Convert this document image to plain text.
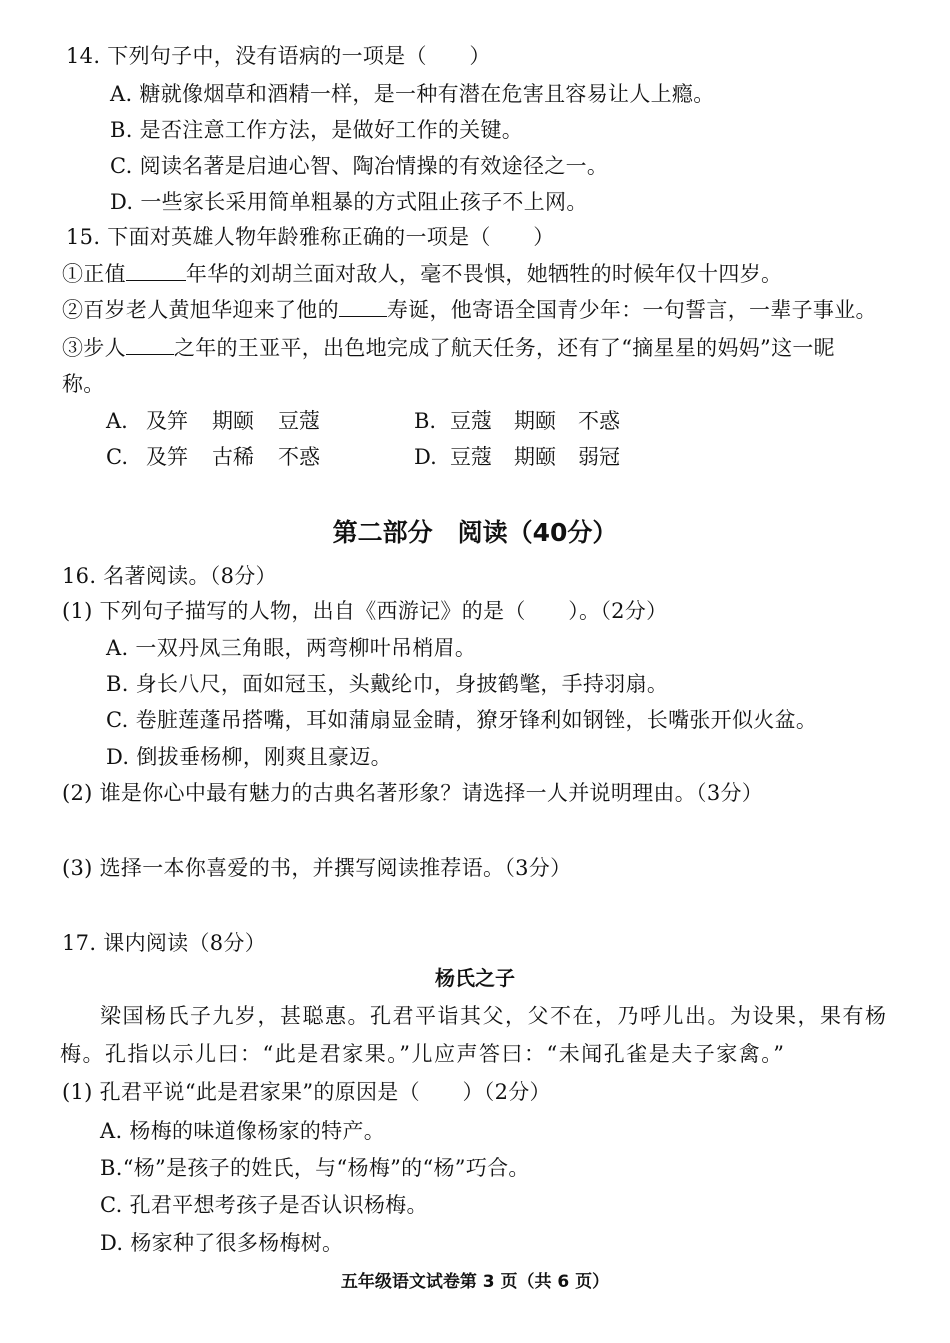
14. 下列句子中，没有语病的一项是（　　）
A. 糖就像烟草和酒精一样，是一种有潜在危害且容易让人上瘾。
B. 是否注意工作方法，是做好工作的关键。
C. 阅读名著是启迪心智、陶冶情操的有效途径之一。
D. 一些家长采用简单粗暴的方式阻止孩子不上网。
15. 下面对英雄人物年龄雅称正确的一项是（　　）
①正值	年华的刘胡兰面对敌人，毫不畏惧，她牺牲的时候年仅十四岁。
②百岁老人黄旭华迎来了他的 寿诞，他寄语全国青少年：一句誓言，一辈子事业。
③步人 之年的王亚平，出色地完成了航天任务，还有了“摘星星的妈妈”这一昵
称。
A. 及笄 期颐 豆蔻	B. 豆蔻 期颐 不惑
C. 及笄 古稀 不惑	D. 豆蔻 期颐 弱冠
第二部分　阅读（40分）
16. 名著阅读。（8分）
(1) 下列句子描写的人物，出自《西游记》的是（　　）。（2分）
A. 一双丹凤三角眼，两弯柳叶吊梢眉。
B. 身长八尺，面如冠玉，头戴纶巾，身披鹤氅，手持羽扇。
C. 卷脏莲蓬吊搭嘴，耳如蒲扇显金睛，獠牙锋利如钢锉，长嘴张开似火盆。
D. 倒拔垂杨柳，刚爽且豪迈。
(2) 谁是你心中最有魅力的古典名著形象？请选择一人并说明理由。（3分）
(3) 选择一本你喜爱的书，并撰写阅读推荐语。（3分）
17. 课内阅读（8分）
杨氏之子
梁国杨氏子九岁，甚聪惠。孔君平诣其父，父不在，乃呼儿出。为设果，果有杨
梅。孔指以示儿曰：“此是君家果。”儿应声答曰：“未闻孔雀是夫子家禽。”
(1) 孔君平说“此是君家果”的原因是（　　）（2分）
A. 杨梅的味道像杨家的特产。
B.“杨”是孩子的姓氏，与“杨梅”的“杨”巧合。
C. 孔君平想考孩子是否认识杨梅。
D. 杨家种了很多杨梅树。
五年级语文试卷第 3 页（共 6 页）
